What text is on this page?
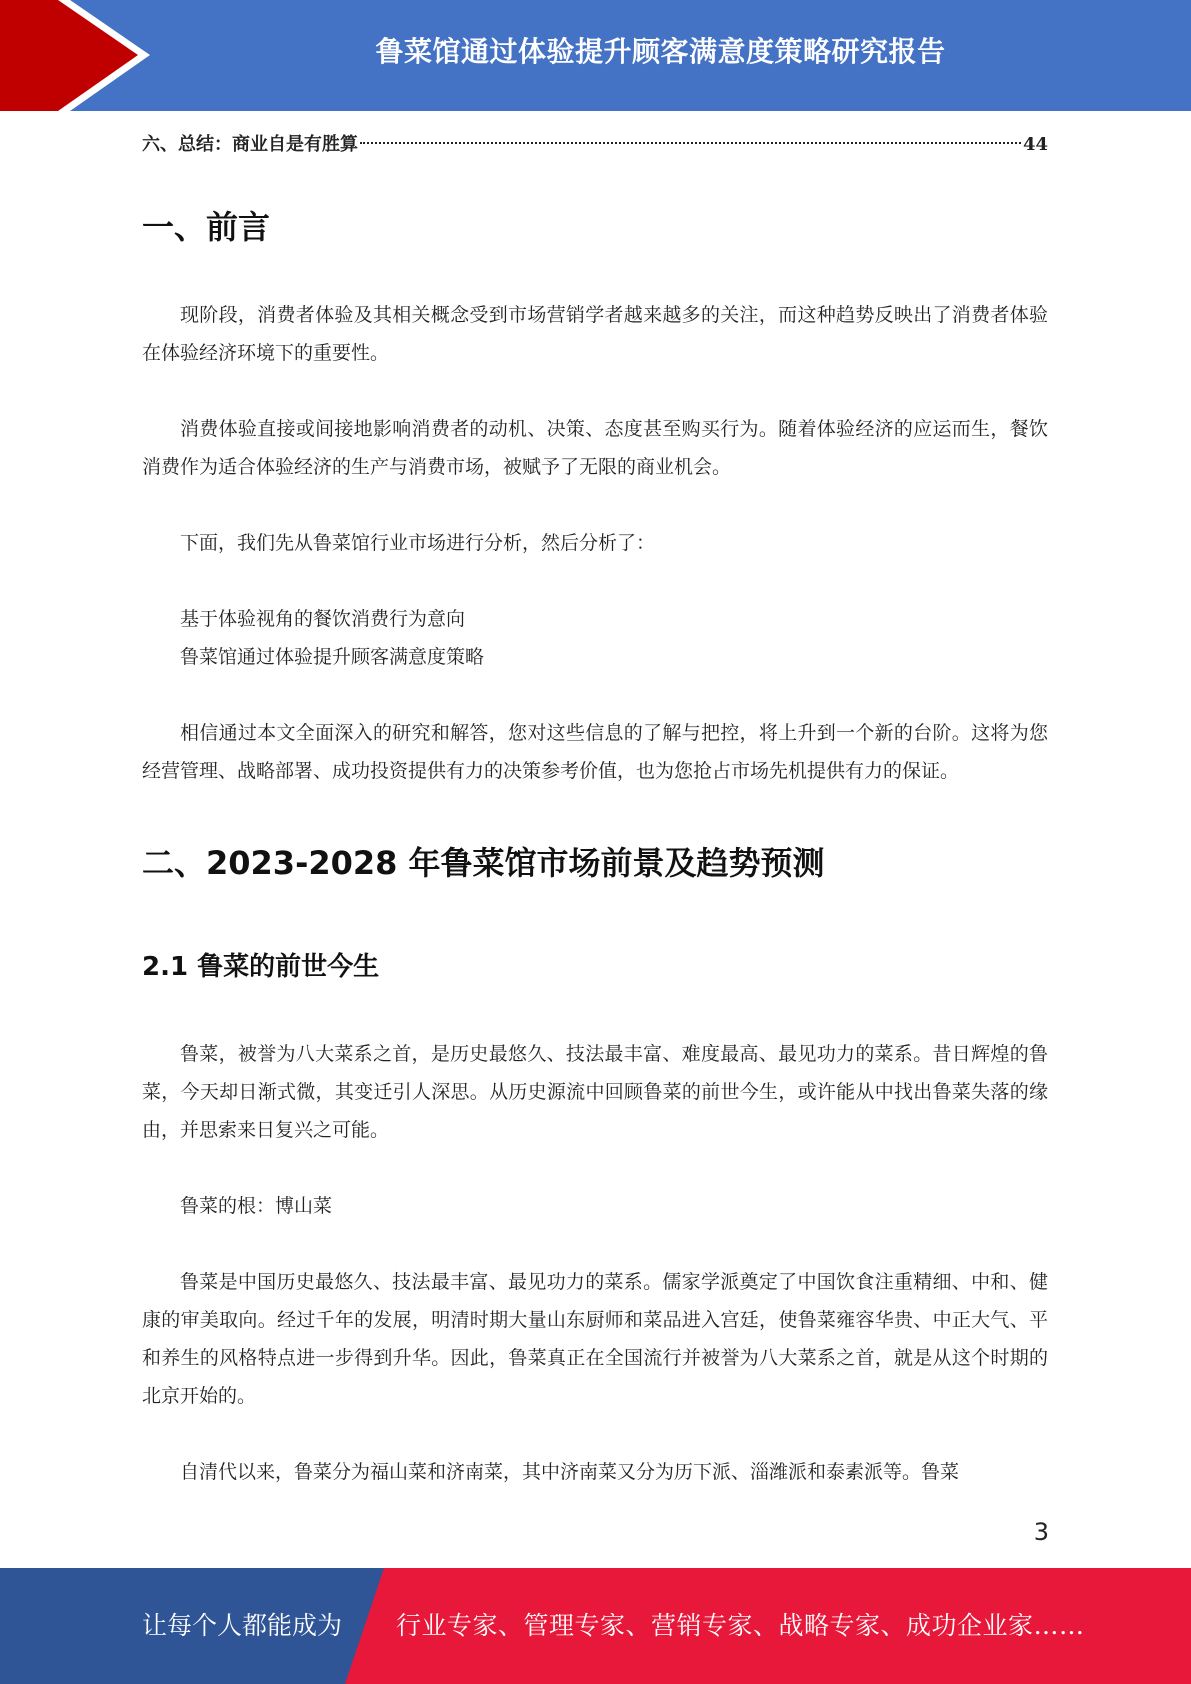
鲁菜馆通过体验提升顾客满意度策略研究报告
六、总结：商业自是有胜算	44
一、前言

现阶段，消费者体验及其相关概念受到市场营销学者越来越多的关注，而这种趋势反映出了消费者体验在体验经济环境下的重要性。

消费体验直接或间接地影响消费者的动机、决策、态度甚至购买行为。随着体验经济的应运而生，餐饮消费作为适合体验经济的生产与消费市场，被赋予了无限的商业机会。

下面，我们先从鲁菜馆行业市场进行分析，然后分析了：

基于体验视角的餐饮消费行为意向
鲁菜馆通过体验提升顾客满意度策略

相信通过本文全面深入的研究和解答，您对这些信息的了解与把控，将上升到一个新的台阶。这将为您经营管理、战略部署、成功投资提供有力的决策参考价值，也为您抢占市场先机提供有力的保证。

二、2023-2028 年鲁菜馆市场前景及趋势预测
2.1 鲁菜的前世今生

鲁菜，被誉为八大菜系之首，是历史最悠久、技法最丰富、难度最高、最见功力的菜系。昔日辉煌的鲁菜，今天却日渐式微，其变迁引人深思。从历史源流中回顾鲁菜的前世今生，或许能从中找出鲁菜失落的缘由，并思索来日复兴之可能。

鲁菜的根：博山菜

鲁菜是中国历史最悠久、技法最丰富、最见功力的菜系。儒家学派奠定了中国饮食注重精细、中和、健康的审美取向。经过千年的发展，明清时期大量山东厨师和菜品进入宫廷，使鲁菜雍容华贵、中正大气、平和养生的风格特点进一步得到升华。因此，鲁菜真正在全国流行并被誉为八大菜系之首，就是从这个时期的北京开始的。

自清代以来，鲁菜分为福山菜和济南菜，其中济南菜又分为历下派、淄潍派和泰素派等。鲁菜

3
让每个人都能成为 行业专家、管理专家、营销专家、战略专家、成功企业家……
